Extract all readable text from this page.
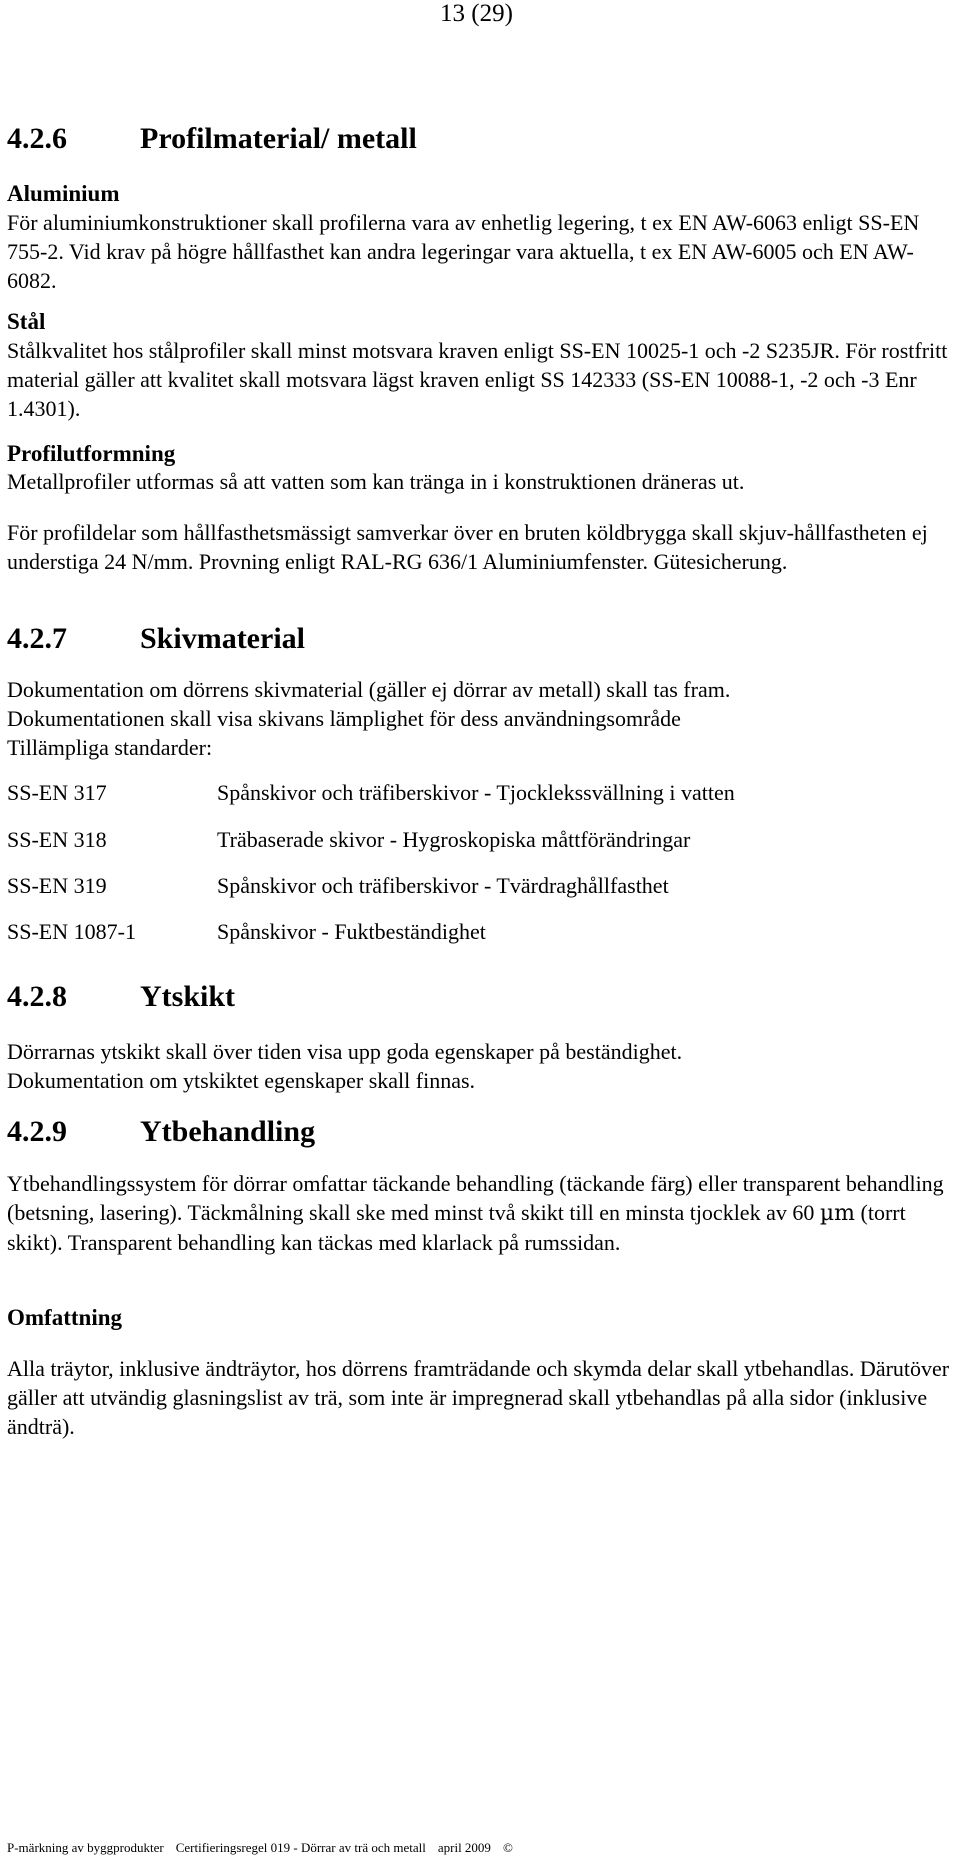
13 (29)
4.2.6 Profilmaterial/ metall
Aluminium

För aluminiumkonstruktioner skall profilerna vara av enhetlig legering, t ex EN AW-6063 enligt SS-EN 755-2. Vid krav på högre hållfasthet kan andra legeringar vara aktuella, t ex EN AW-6005 och EN AW-6082.

Stål

Stålkvalitet hos stålprofiler skall minst motsvara kraven enligt SS-EN 10025-1 och -2 S235JR. För rostfritt material gäller att kvalitet skall motsvara lägst kraven enligt SS 142333 (SS-EN 10088-1, -2 och -3 Enr 1.4301).

Profilutformning

Metallprofiler utformas så att vatten som kan tränga in i konstruktionen dräneras ut.

För profildelar som hållfasthetsmässigt samverkar över en bruten köldbrygga skall skjuv-hållfastheten ej understiga 24 N/mm. Provning enligt RAL-RG 636/1 Aluminiumfenster. Gütesicherung.

4.2.7 Skivmaterial

Dokumentation om dörrens skivmaterial (gäller ej dörrar av metall) skall tas fram.

Dokumentationen skall visa skivans lämplighet för dess användningsområde

Tillämpliga standarder:

SS-EN 317	Spånskivor och träfiberskivor - Tjocklekssvällning i vatten
SS-EN 318	Träbaserade skivor - Hygroskopiska måttförändringar
SS-EN 319	Spånskivor och träfiberskivor - Tvärdraghållfasthet
SS-EN 1087-1	Spånskivor - Fuktbeständighet
4.2.8 Ytskikt

Dörrarnas ytskikt skall över tiden visa upp goda egenskaper på beständighet.

Dokumentation om ytskiktet egenskaper skall finnas.

4.2.9 Ytbehandling

Ytbehandlingssystem för dörrar omfattar täckande behandling (täckande färg) eller transparent behandling (betsning, lasering). Täckmålning skall ske med minst två skikt till en minsta tjocklek av 60 µm (torrt skikt). Transparent behandling kan täckas med klarlack på rumssidan.

Omfattning

Alla träytor, inklusive ändträytor, hos dörrens framträdande och skymda delar skall ytbehandlas. Därutöver gäller att utvändig glasningslist av trä, som inte är impregnerad skall ytbehandlas på alla sidor (inklusive ändträ).

P-märkning av byggprodukter Certifieringsregel 019 - Dörrar av trä och metall april 2009 ©
